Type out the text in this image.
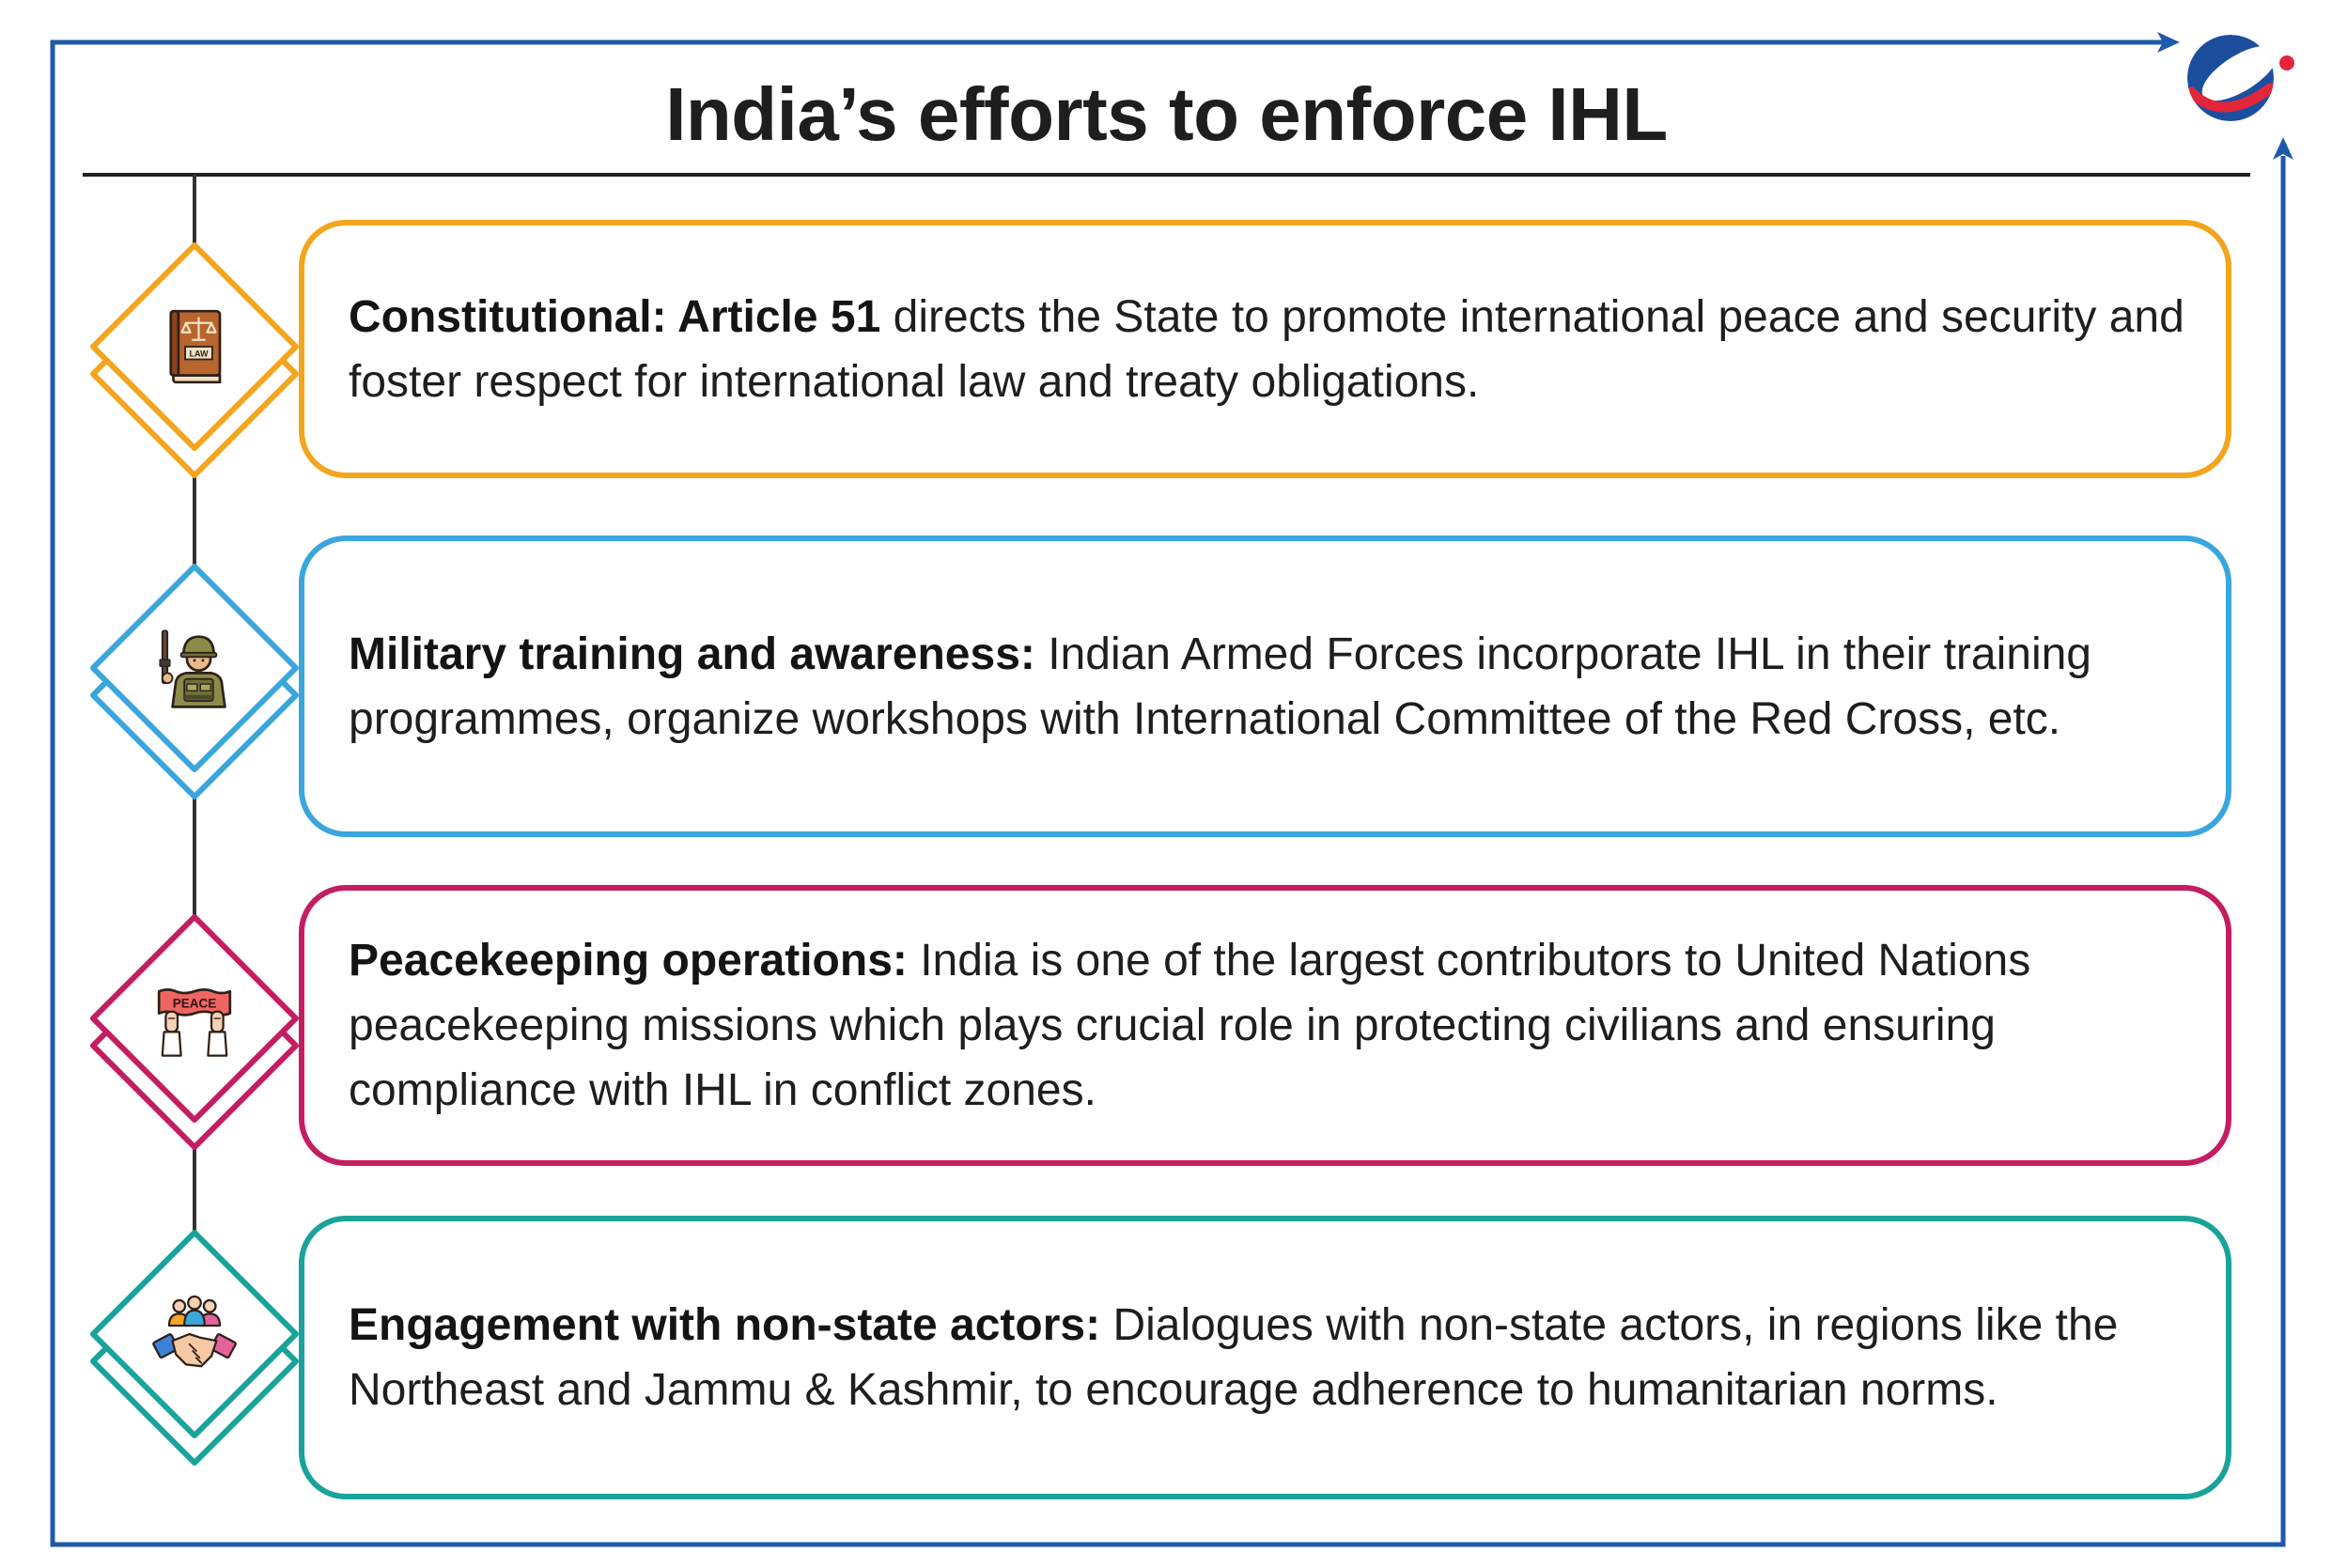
India’s efforts to enforce IHL
LAW

Constitutional: Article 51 directs the State to promote international peace and security and foster respect for international law and treaty obligations.

Military training and awareness: Indian Armed Forces incorporate IHL in their training programmes, organize workshops with International Committee of the Red Cross, etc.

PEACE

Peacekeeping operations: India is one of the largest contributors to United Nations peacekeeping missions which plays crucial role in protecting civilians and ensuring compliance with IHL in conflict zones.

Engagement with non-state actors: Dialogues with non-state actors, in regions like the Northeast and Jammu & Kashmir, to encourage adherence to humanitarian norms.
